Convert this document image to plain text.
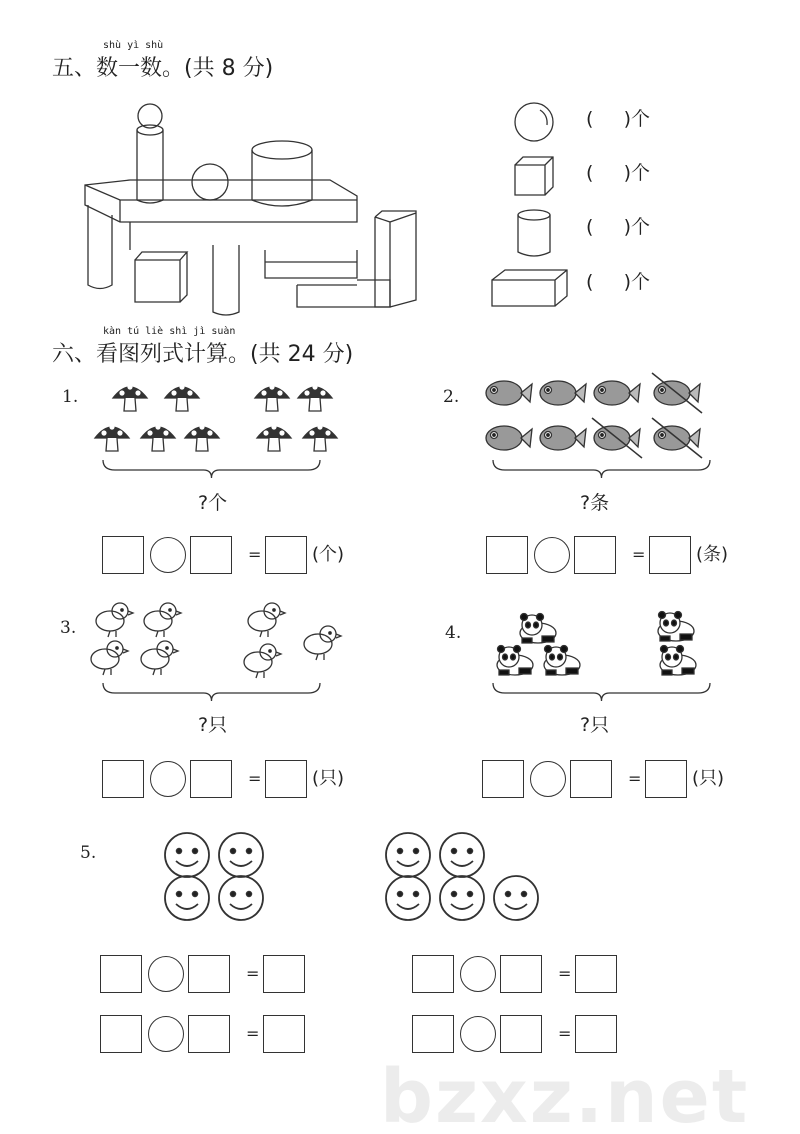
shù yì shù
五、数一数。(共 8 分)
(     )个
(     )个
(     )个
(     )个
kàn tú liè shì jì suàn
六、看图列式计算。(共 24 分)
1.
?个
2.
?条
3.
?只
4.
?只
5.
=	(个)	=	(条)
=	(只)	=	(只)
=	=
=	=
bzxz.net
